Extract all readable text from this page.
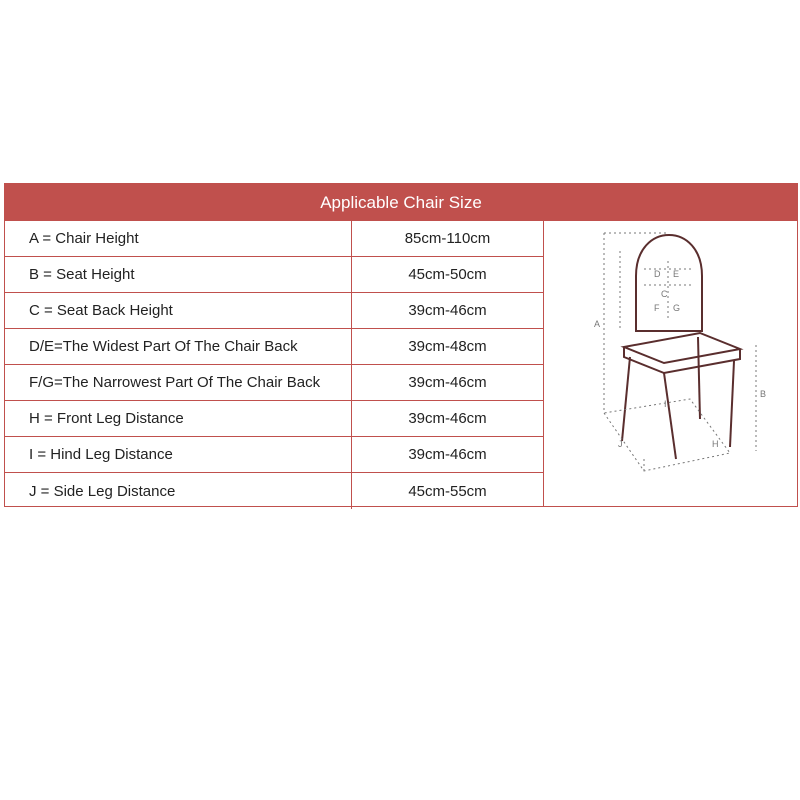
Applicable Chair Size
A = Chair Height	85cm-110cm
B = Seat Height	45cm-50cm
C = Seat Back Height	39cm-46cm
D/E=The Widest Part Of The Chair Back	39cm-48cm
F/G=The Narrowest Part Of The Chair Back	39cm-46cm
H = Front Leg Distance	39cm-46cm
I = Hind Leg Distance	39cm-46cm
J = Side Leg Distance	45cm-55cm
A
B
C
D E
F G
H
I
J
